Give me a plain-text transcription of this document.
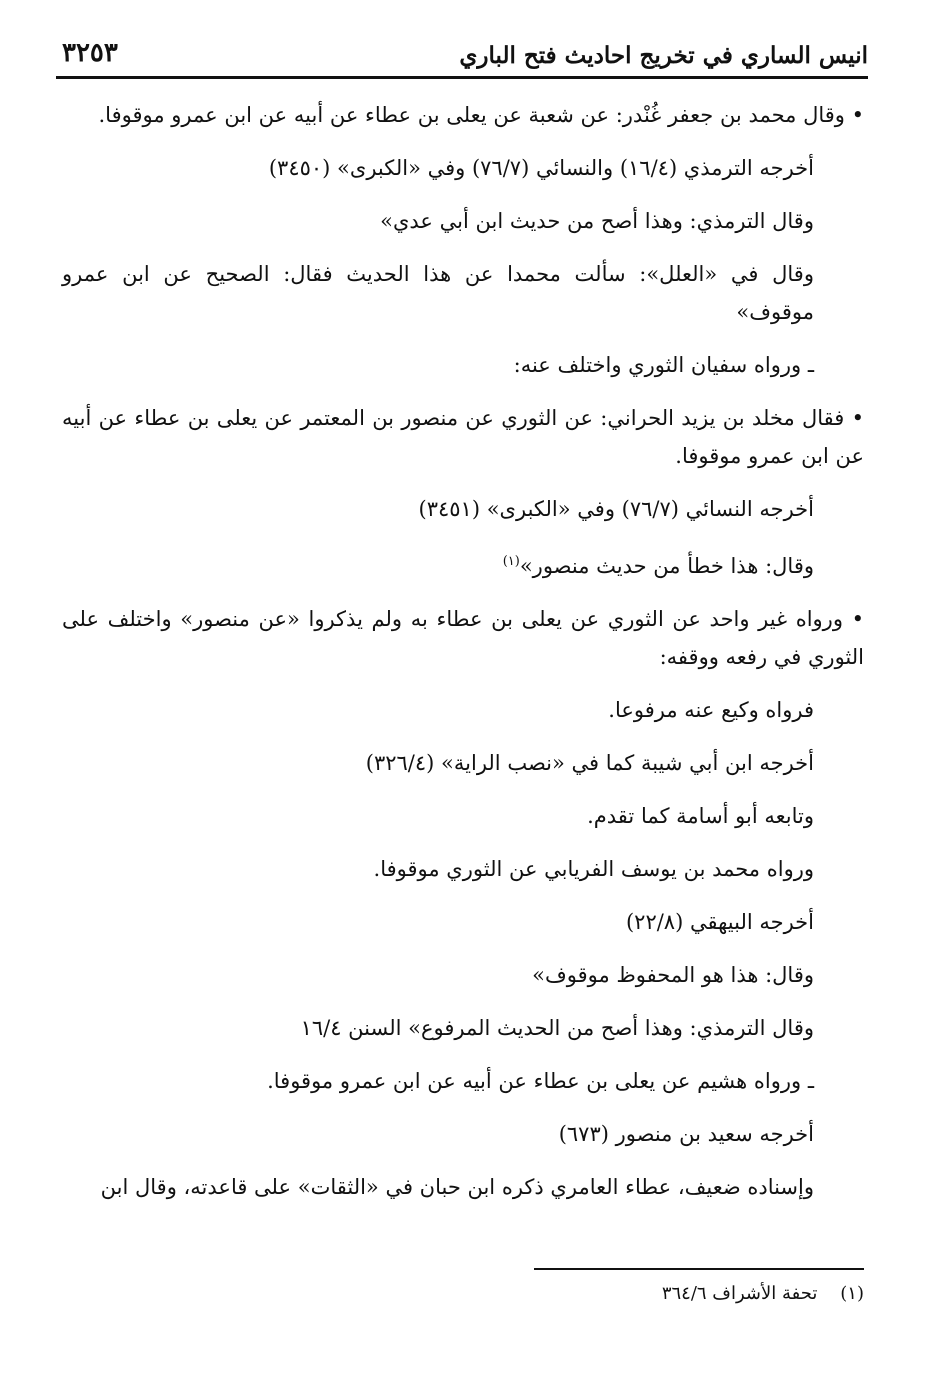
انيس الساري في تخريج احاديث فتح الباري
٣٢٥٣

• وقال محمد بن جعفر غُنْدر: عن شعبة عن يعلى بن عطاء عن أبيه عن ابن عمرو موقوفا.

أخرجه الترمذي (١٦/٤) والنسائي (٧٦/٧) وفي «الكبرى» (٣٤٥٠)

وقال الترمذي: وهذا أصح من حديث ابن أبي عدي»

وقال في «العلل»: سألت محمدا عن هذا الحديث فقال: الصحيح عن ابن عمرو موقوف»

ـ ورواه سفيان الثوري واختلف عنه:

• فقال مخلد بن يزيد الحراني: عن الثوري عن منصور بن المعتمر عن يعلى بن عطاء عن أبيه عن ابن عمرو موقوفا.

أخرجه النسائي (٧٦/٧) وفي «الكبرى» (٣٤٥١)

وقال: هذا خطأ من حديث منصور»$^{(١)}$

• ورواه غير واحد عن الثوري عن يعلى بن عطاء به ولم يذكروا «عن منصور» واختلف على الثوري في رفعه ووقفه:

فرواه وكيع عنه مرفوعا.

أخرجه ابن أبي شيبة كما في «نصب الراية» (٣٢٦/٤)

وتابعه أبو أسامة كما تقدم.

ورواه محمد بن يوسف الفريابي عن الثوري موقوفا.

أخرجه البيهقي (٢٢/٨)

وقال: هذا هو المحفوظ موقوف»

وقال الترمذي: وهذا أصح من الحديث المرفوع» السنن ١٦/٤

ـ ورواه هشيم عن يعلى بن عطاء عن أبيه عن ابن عمرو موقوفا.

أخرجه سعيد بن منصور (٦٧٣)

وإسناده ضعيف، عطاء العامري ذكره ابن حبان في «الثقات» على قاعدته، وقال ابن

(١)    تحفة الأشراف ٣٦٤/٦
